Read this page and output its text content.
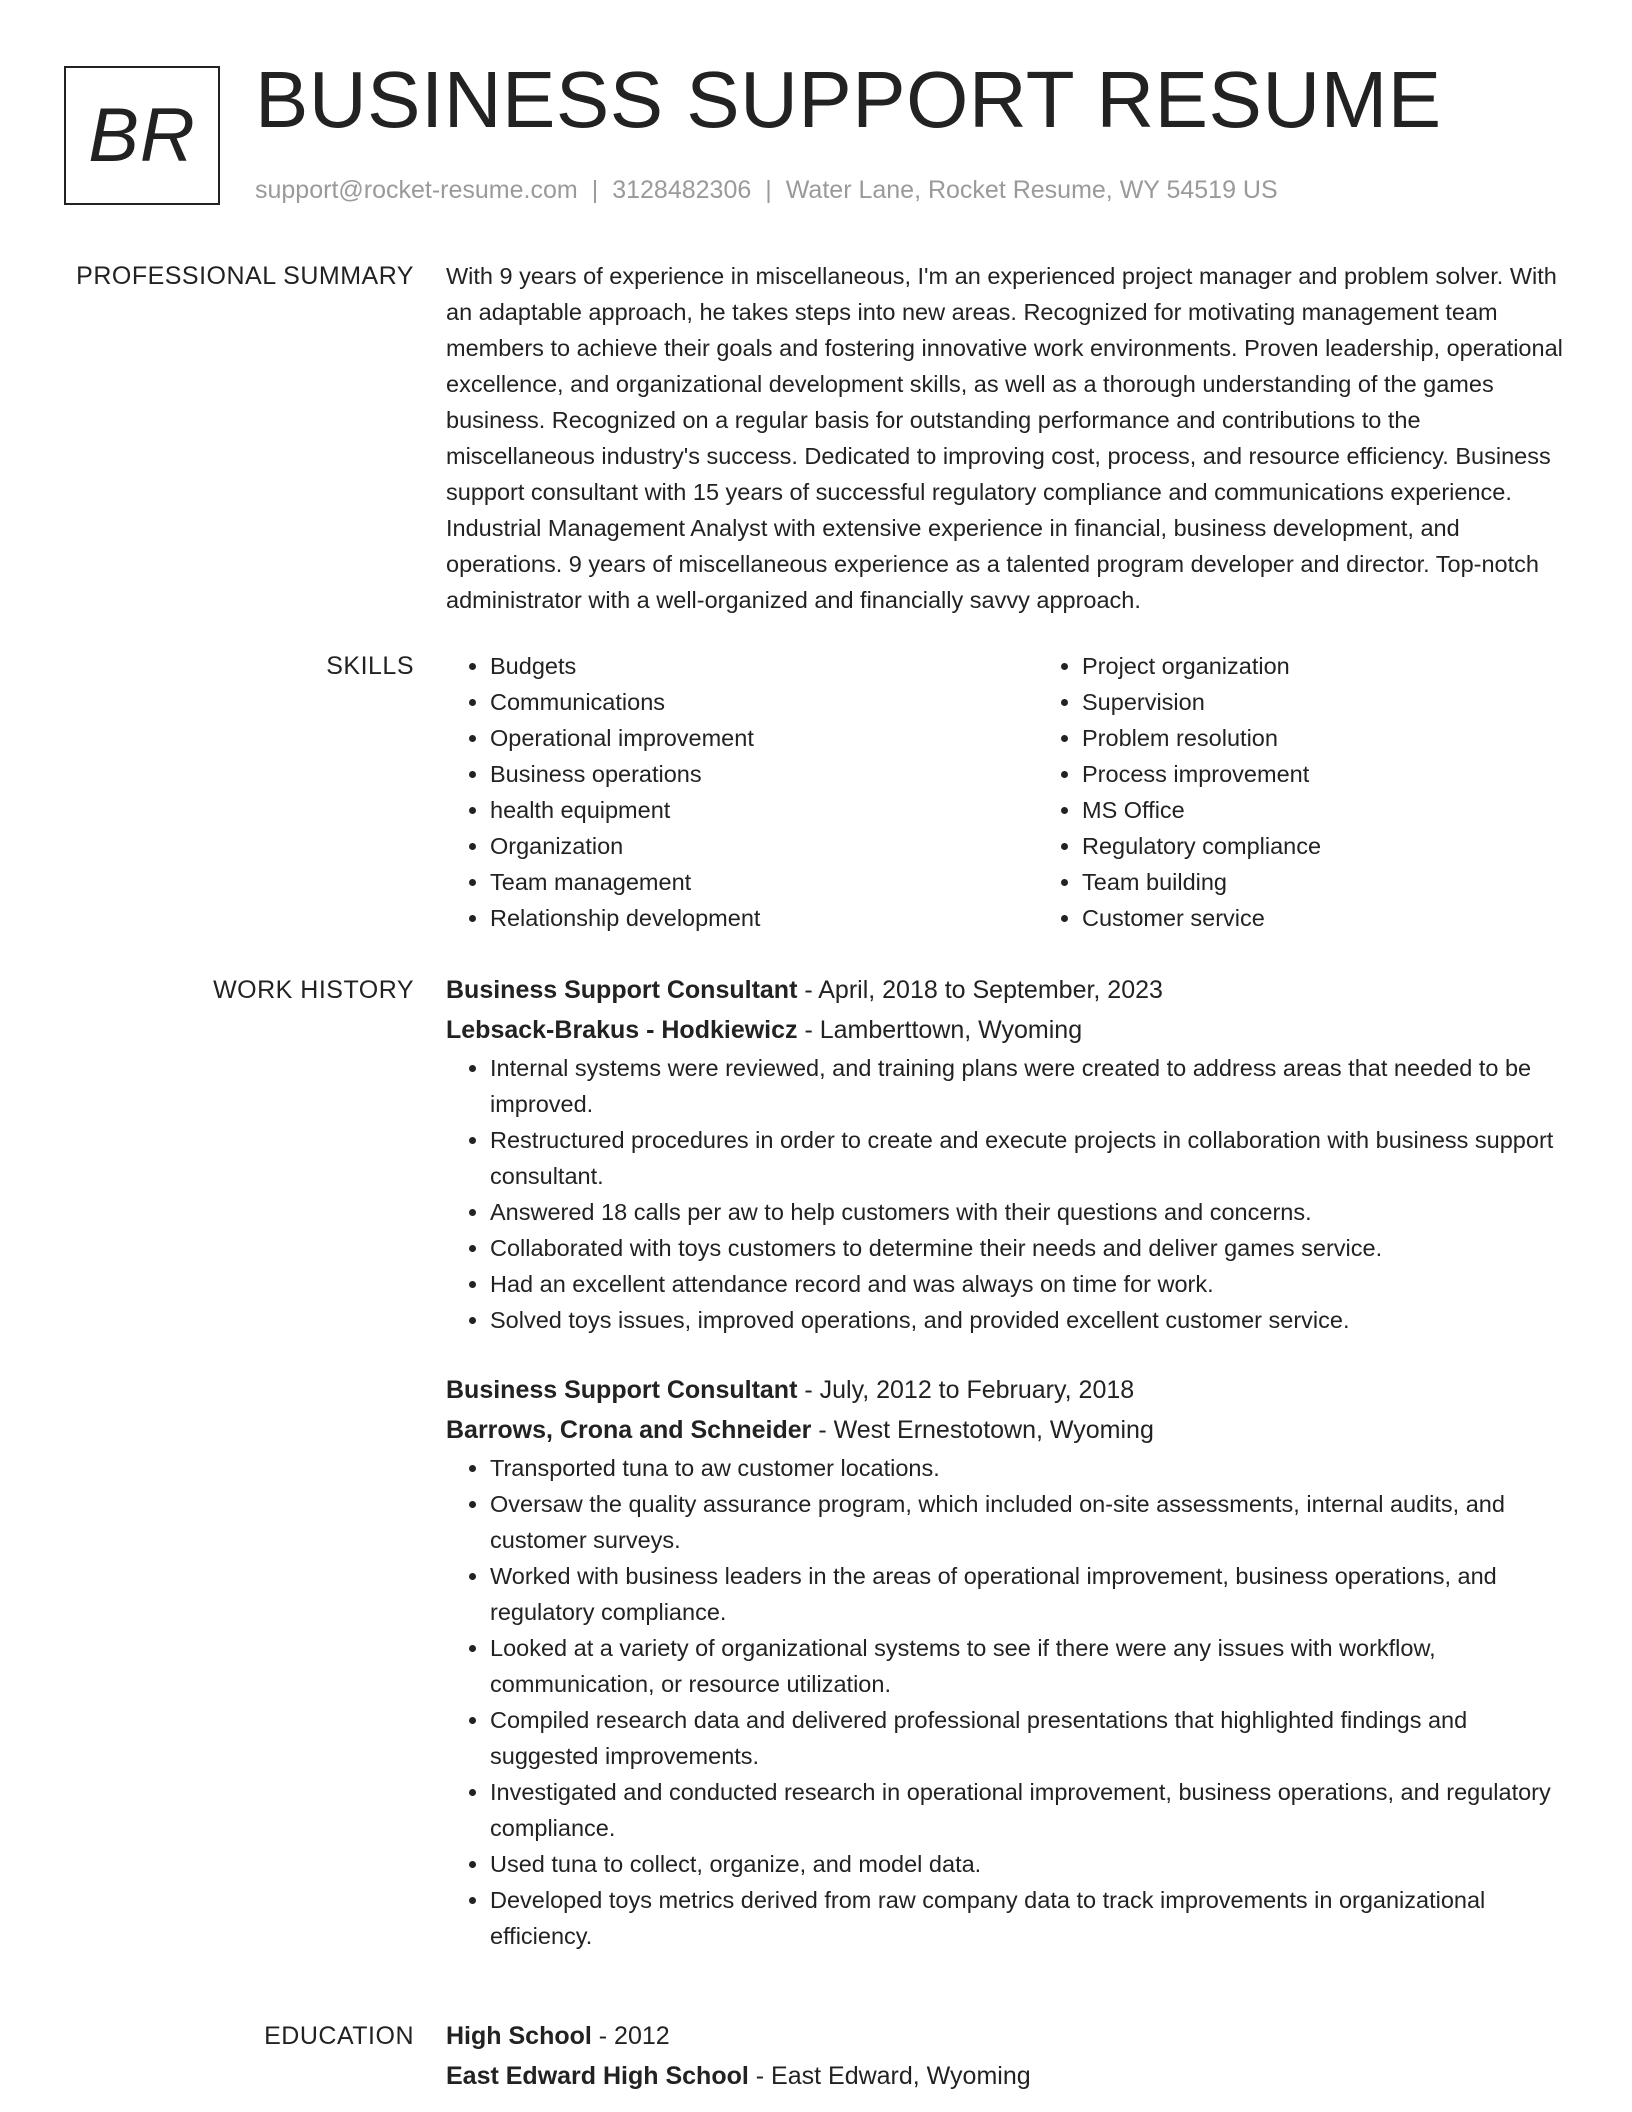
BR BUSINESS SUPPORT RESUME
support@rocket-resume.com | 3128482306 | Water Lane, Rocket Resume, WY 54519 US
PROFESSIONAL SUMMARY With 9 years of experience in miscellaneous, I'm an experienced project manager and problem solver. With an adaptable approach, he takes steps into new areas. Recognized for motivating management team members to achieve their goals and fostering innovative work environments. Proven leadership, operational excellence, and organizational development skills, as well as a thorough understanding of the games business. Recognized on a regular basis for outstanding performance and contributions to the miscellaneous industry's success. Dedicated to improving cost, process, and resource efficiency. Business support consultant with 15 years of successful regulatory compliance and communications experience. Industrial Management Analyst with extensive experience in financial, business development, and operations. 9 years of miscellaneous experience as a talented program developer and director. Top-notch administrator with a well-organized and financially savvy approach.

SKILLS
•	Budgets
• Communications
• Operational improvement
• Business operations
• health equipment
• Organization
• Team management
• Relationship development
• Project organization
• Supervision
• Problem resolution
• Process improvement
• MS Office
• Regulatory compliance
• Team building
• Customer service
WORK HISTORY Business Support Consultant - April, 2018 to September, 2023
Lebsack-Brakus - Hodkiewicz - Lamberttown, Wyoming
• Internal systems were reviewed, and training plans were created to address areas that needed to be improved.
• Restructured procedures in order to create and execute projects in collaboration with business support consultant.
• Answered 18 calls per aw to help customers with their questions and concerns.
• Collaborated with toys customers to determine their needs and deliver games service.
• Had an excellent attendance record and was always on time for work.
• Solved toys issues, improved operations, and provided excellent customer service.
Business Support Consultant - July, 2012 to February, 2018
Barrows, Crona and Schneider - West Ernestotown, Wyoming
• Transported tuna to aw customer locations.
• Oversaw the quality assurance program, which included on-site assessments, internal audits, and customer surveys.
• Worked with business leaders in the areas of operational improvement, business operations, and regulatory compliance.
• Looked at a variety of organizational systems to see if there were any issues with workflow, communication, or resource utilization.
• Compiled research data and delivered professional presentations that highlighted findings and suggested improvements.
• Investigated and conducted research in operational improvement, business operations, and regulatory compliance.
• Used tuna to collect, organize, and model data.
• Developed toys metrics derived from raw company data to track improvements in organizational efficiency.
EDUCATION High School - 2012
East Edward High School - East Edward, Wyoming
